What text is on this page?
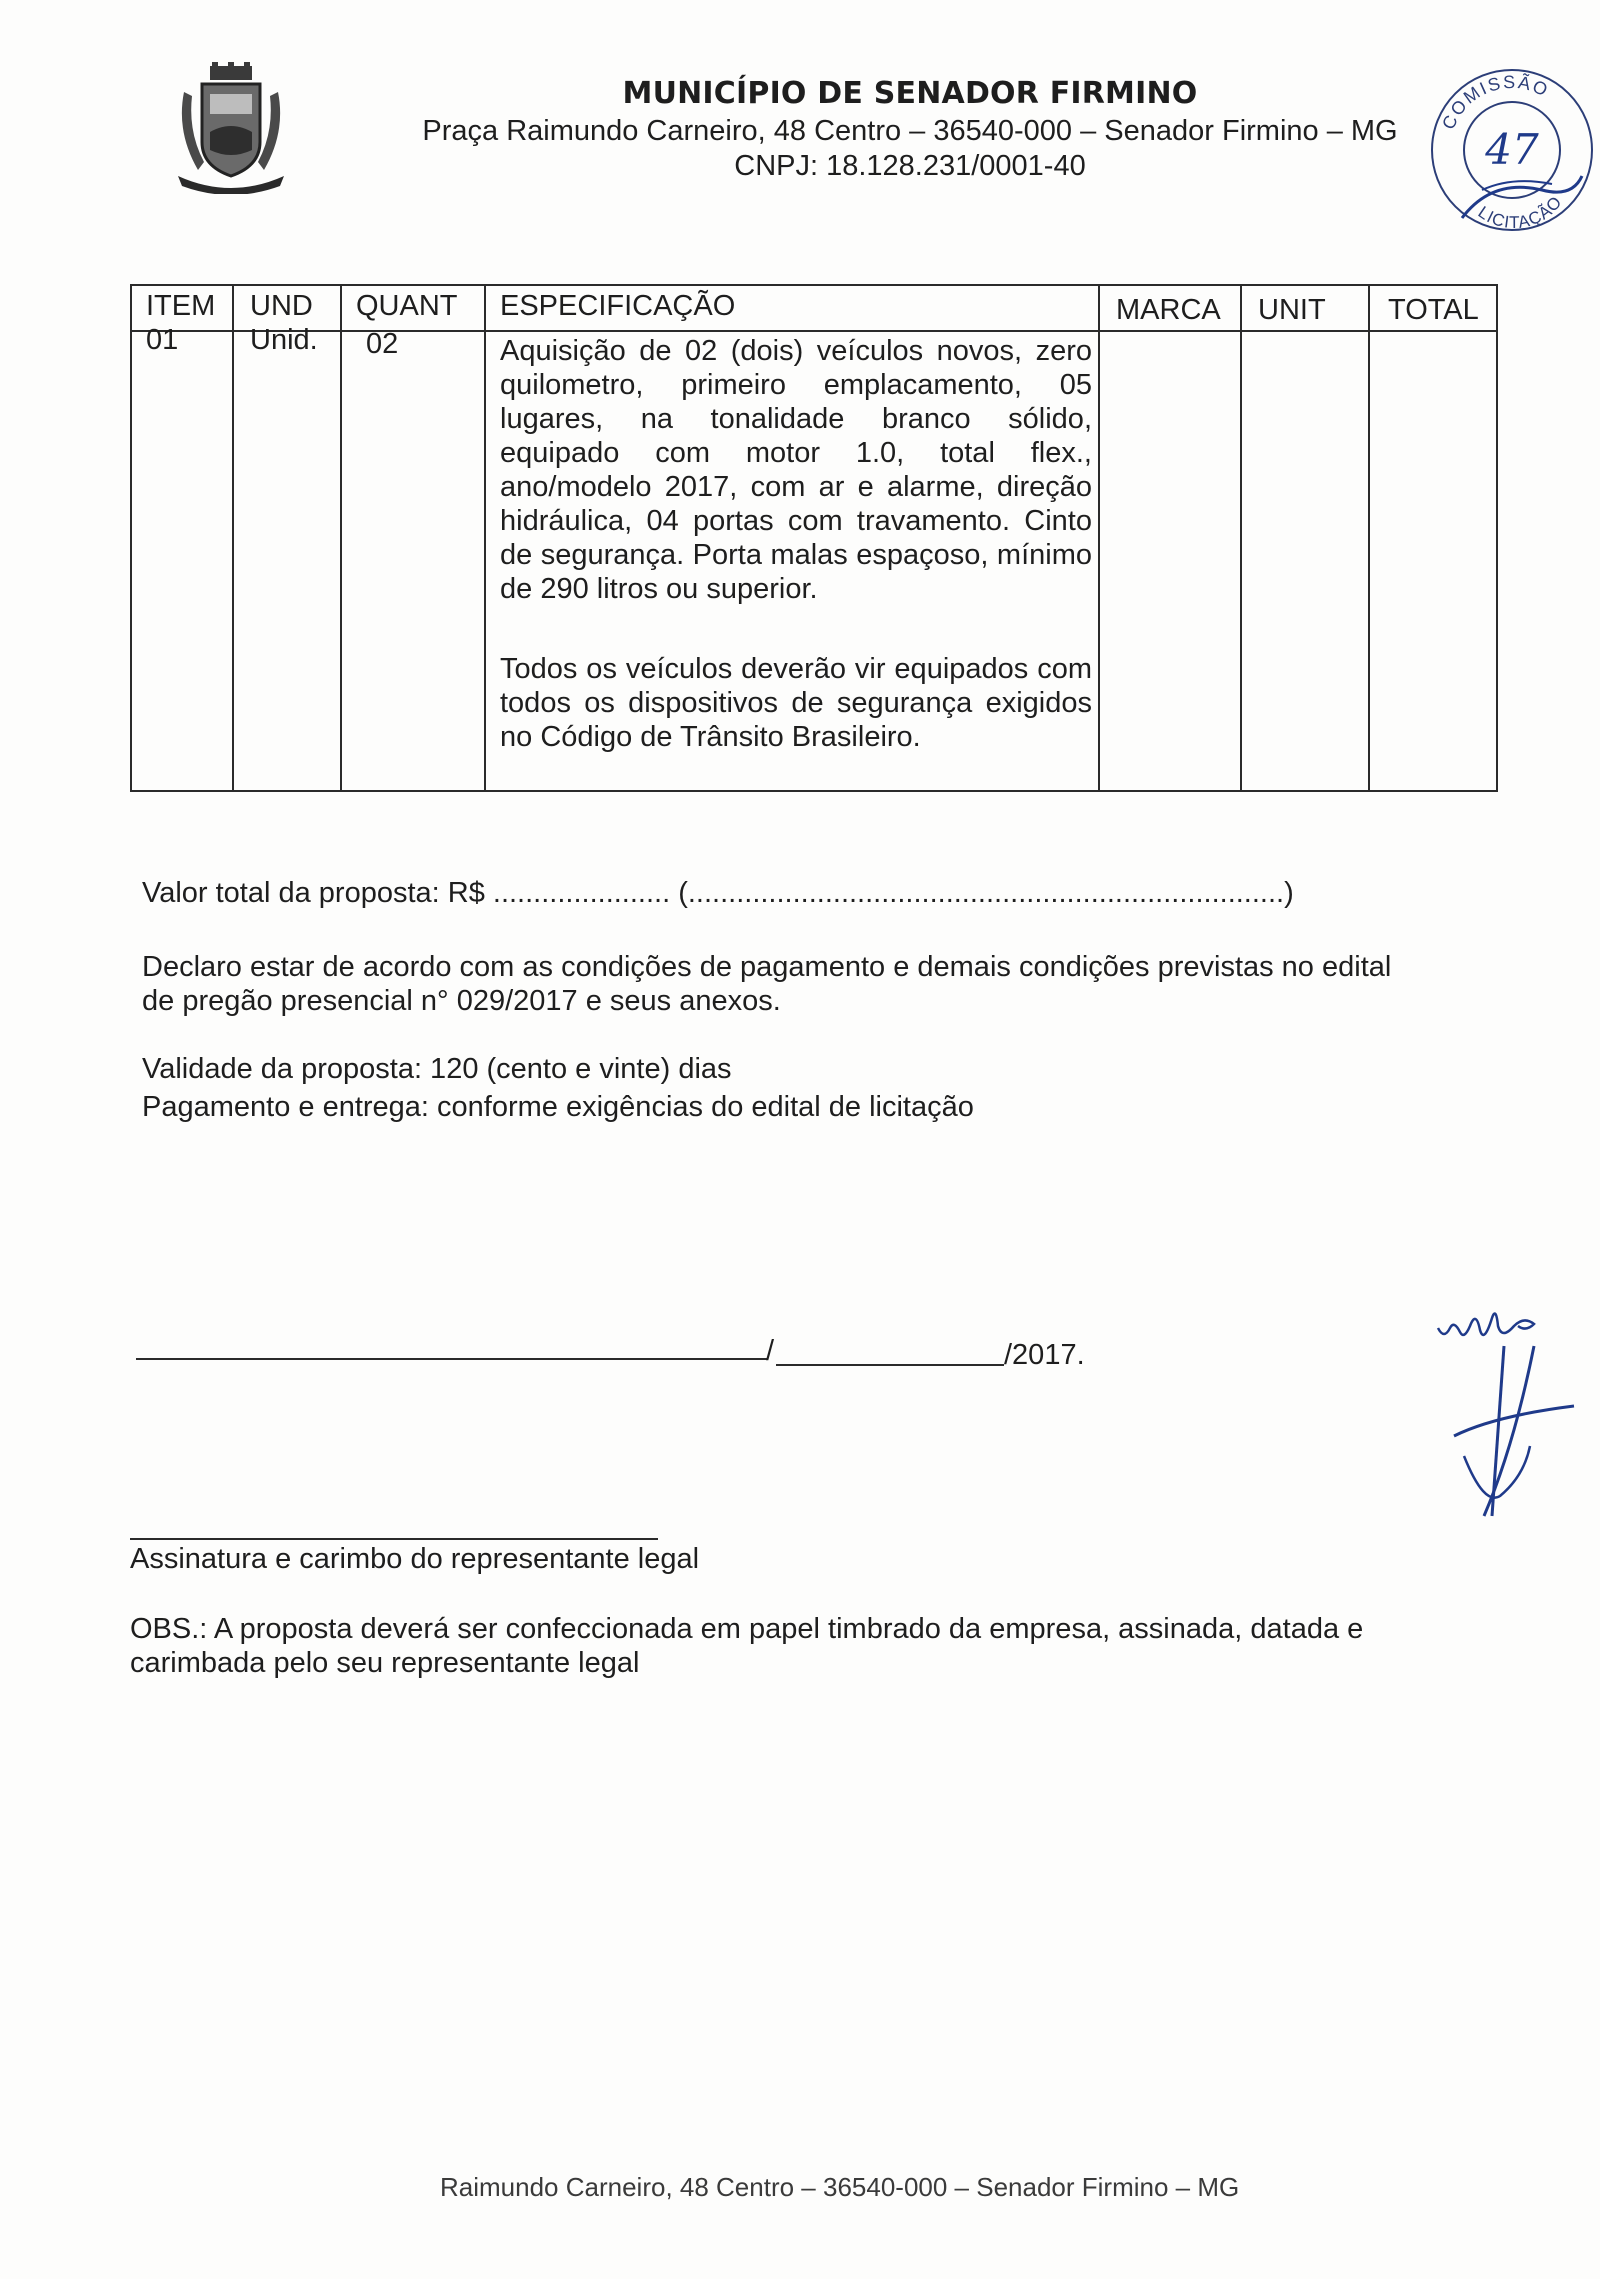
MUNICÍPIO DE SENADOR FIRMINO
Praça Raimundo Carneiro, 48 Centro – 36540-000 – Senador Firmino – MG
CNPJ: 18.128.231/0001-40
COMISSÃO
LICITAÇÃO
47
ITEM UND QUANT ESPECIFICAÇÃO	MARCA UNIT TOTAL
01 Unid. 02	Aquisição de 02 (dois) veículos novos, zero quilometro, primeiro emplacamento, 05 lugares, na tonalidade branco sólido, equipado com motor 1.0, total flex., ano/modelo 2017, com ar e alarme, direção hidráulica, 04 portas com travamento. Cinto de segurança. Porta malas espaçoso, mínimo de 290 litros ou superior.

Todos os veículos deverão vir equipados com todos os dispositivos de segurança exigidos no Código de Trânsito Brasileiro.

Valor total da proposta: R$ ...................... (..........................................................................)
Declaro estar de acordo com as condições de pagamento e demais condições previstas no edital
de pregão presencial n° 029/2017 e seus anexos.
Validade da proposta: 120 (cento e vinte) dias
Pagamento e entrega: conforme exigências do edital de licitação
/	/2017.
Assinatura e carimbo do representante legal
OBS.: A proposta deverá ser confeccionada em papel timbrado da empresa, assinada, datada e
carimbada pelo seu representante legal
Raimundo Carneiro, 48 Centro – 36540-000 – Senador Firmino – MG
